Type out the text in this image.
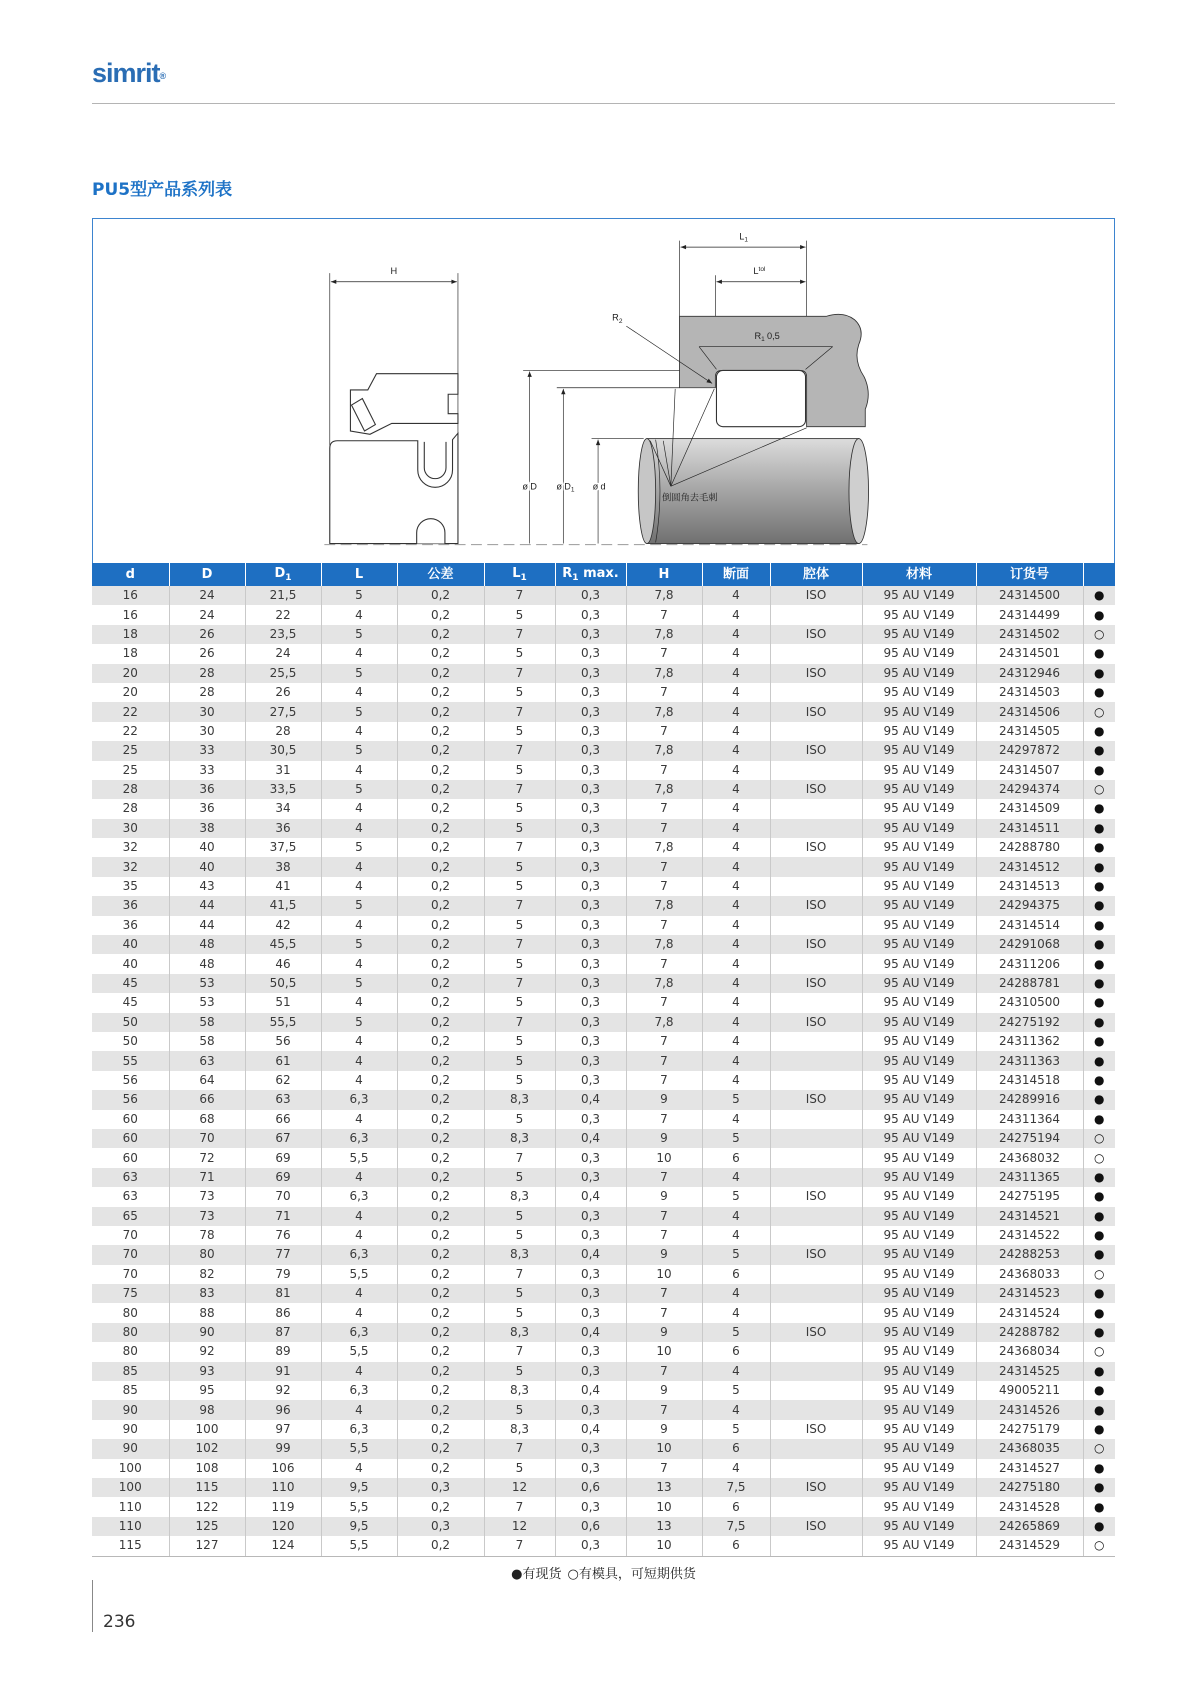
simrit®
PU5型产品系列表
H
$L_1$
$L^{tol}$
$R_1$ 0,5
$R_2$
ø D ø $D_1$ ø d
倒圆角去毛刺
d	D	$D_1$	L	公差	$L_1$	$R_1$ max.	H	断面	腔体	材料	订货号	
16	24	21,5	5	0,2	7	0,3	7,8	4	ISO	95 AU V149	24314500	●
16	24	22	4	0,2	5	0,3	7	4		95 AU V149	24314499	●
18	26	23,5	5	0,2	7	0,3	7,8	4	ISO	95 AU V149	24314502	○
18	26	24	4	0,2	5	0,3	7	4		95 AU V149	24314501	●
20	28	25,5	5	0,2	7	0,3	7,8	4	ISO	95 AU V149	24312946	●
20	28	26	4	0,2	5	0,3	7	4		95 AU V149	24314503	●
22	30	27,5	5	0,2	7	0,3	7,8	4	ISO	95 AU V149	24314506	○
22	30	28	4	0,2	5	0,3	7	4		95 AU V149	24314505	●
25	33	30,5	5	0,2	7	0,3	7,8	4	ISO	95 AU V149	24297872	●
25	33	31	4	0,2	5	0,3	7	4		95 AU V149	24314507	●
28	36	33,5	5	0,2	7	0,3	7,8	4	ISO	95 AU V149	24294374	○
28	36	34	4	0,2	5	0,3	7	4		95 AU V149	24314509	●
30	38	36	4	0,2	5	0,3	7	4		95 AU V149	24314511	●
32	40	37,5	5	0,2	7	0,3	7,8	4	ISO	95 AU V149	24288780	●
32	40	38	4	0,2	5	0,3	7	4		95 AU V149	24314512	●
35	43	41	4	0,2	5	0,3	7	4		95 AU V149	24314513	●
36	44	41,5	5	0,2	7	0,3	7,8	4	ISO	95 AU V149	24294375	●
36	44	42	4	0,2	5	0,3	7	4		95 AU V149	24314514	●
40	48	45,5	5	0,2	7	0,3	7,8	4	ISO	95 AU V149	24291068	●
40	48	46	4	0,2	5	0,3	7	4		95 AU V149	24311206	●
45	53	50,5	5	0,2	7	0,3	7,8	4	ISO	95 AU V149	24288781	●
45	53	51	4	0,2	5	0,3	7	4		95 AU V149	24310500	●
50	58	55,5	5	0,2	7	0,3	7,8	4	ISO	95 AU V149	24275192	●
50	58	56	4	0,2	5	0,3	7	4		95 AU V149	24311362	●
55	63	61	4	0,2	5	0,3	7	4		95 AU V149	24311363	●
56	64	62	4	0,2	5	0,3	7	4		95 AU V149	24314518	●
56	66	63	6,3	0,2	8,3	0,4	9	5	ISO	95 AU V149	24289916	●
60	68	66	4	0,2	5	0,3	7	4		95 AU V149	24311364	●
60	70	67	6,3	0,2	8,3	0,4	9	5		95 AU V149	24275194	○
60	72	69	5,5	0,2	7	0,3	10	6		95 AU V149	24368032	○
63	71	69	4	0,2	5	0,3	7	4		95 AU V149	24311365	●
63	73	70	6,3	0,2	8,3	0,4	9	5	ISO	95 AU V149	24275195	●
65	73	71	4	0,2	5	0,3	7	4		95 AU V149	24314521	●
70	78	76	4	0,2	5	0,3	7	4		95 AU V149	24314522	●
70	80	77	6,3	0,2	8,3	0,4	9	5	ISO	95 AU V149	24288253	●
70	82	79	5,5	0,2	7	0,3	10	6		95 AU V149	24368033	○
75	83	81	4	0,2	5	0,3	7	4		95 AU V149	24314523	●
80	88	86	4	0,2	5	0,3	7	4		95 AU V149	24314524	●
80	90	87	6,3	0,2	8,3	0,4	9	5	ISO	95 AU V149	24288782	●
80	92	89	5,5	0,2	7	0,3	10	6		95 AU V149	24368034	○
85	93	91	4	0,2	5	0,3	7	4		95 AU V149	24314525	●
85	95	92	6,3	0,2	8,3	0,4	9	5		95 AU V149	49005211	●
90	98	96	4	0,2	5	0,3	7	4		95 AU V149	24314526	●
90	100	97	6,3	0,2	8,3	0,4	9	5	ISO	95 AU V149	24275179	●
90	102	99	5,5	0,2	7	0,3	10	6		95 AU V149	24368035	○
100	108	106	4	0,2	5	0,3	7	4		95 AU V149	24314527	●
100	115	110	9,5	0,3	12	0,6	13	7,5	ISO	95 AU V149	24275180	●
110	122	119	5,5	0,2	7	0,3	10	6		95 AU V149	24314528	●
110	125	120	9,5	0,3	12	0,6	13	7,5	ISO	95 AU V149	24265869	●
115	127	124	5,5	0,2	7	0,3	10	6		95 AU V149	24314529	○
●有现货 ○有模具，可短期供货
236
